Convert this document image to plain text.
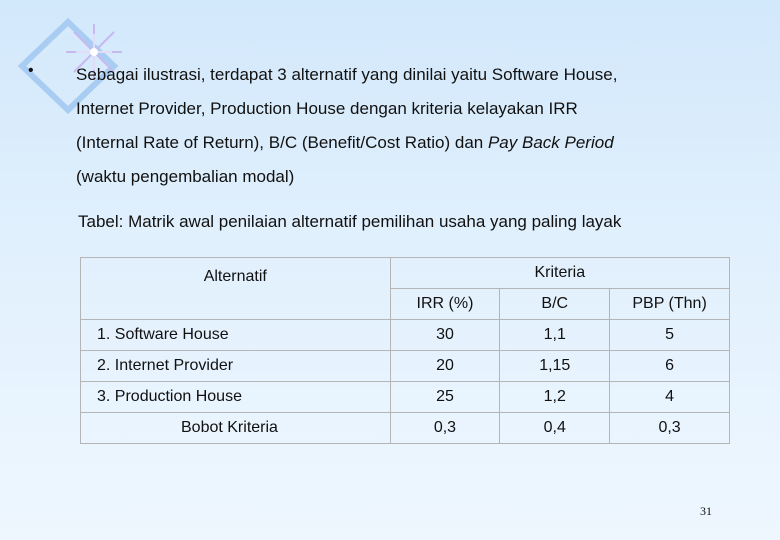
• Sebagai ilustrasi, terdapat 3 alternatif yang dinilai yaitu Software House,
Internet Provider, Production House dengan kriteria kelayakan IRR
(Internal Rate of Return), B/C (Benefit/Cost Ratio) dan Pay Back Period
(waktu pengembalian modal)
Tabel: Matrik awal penilaian alternatif pemilihan usaha yang paling layak
Alternatif	Kriteria		
	IRR (%)	B/C	PBP (Thn)
1. Software House	30	1,1	5
2. Internet Provider	20	1,15	6
3. Production House	25	1,2	4
Bobot Kriteria	0,3	0,4	0,3
31
